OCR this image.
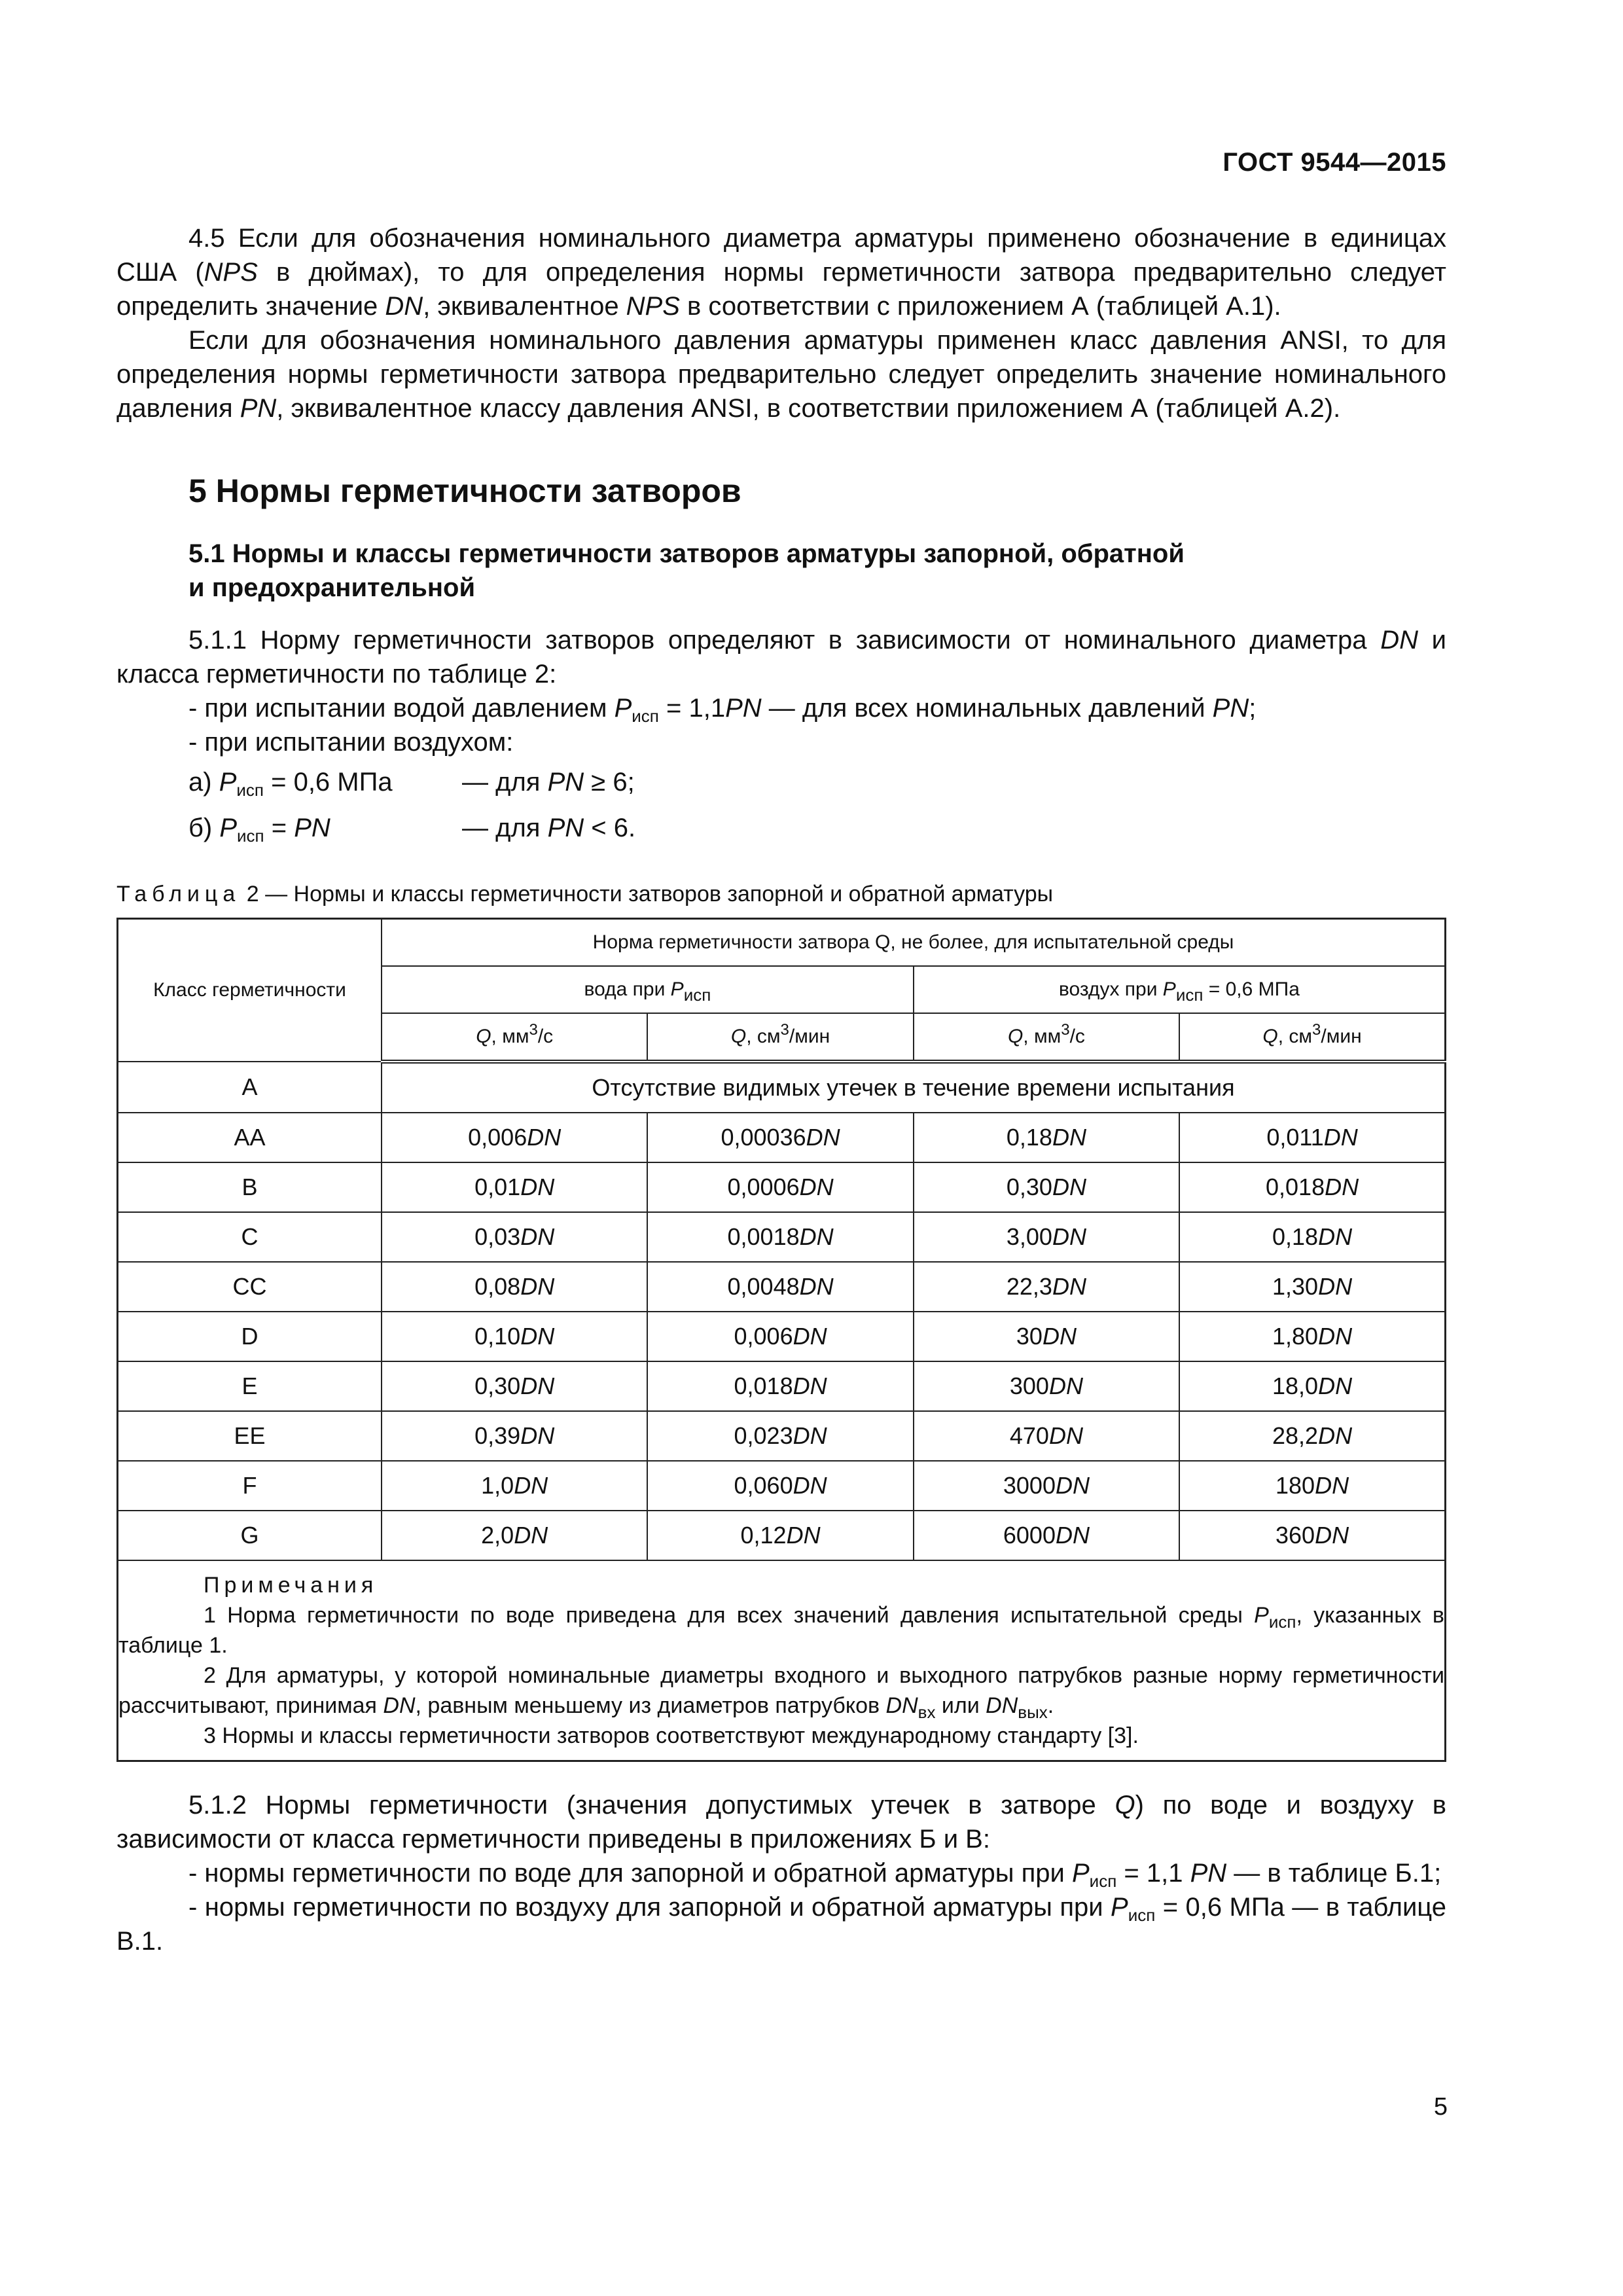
ГОСТ 9544—2015

4.5 Если для обозначения номинального диаметра арматуры применено обозначение в единицах США (NPS в дюймах), то для определения нормы герметичности затвора предварительно следует определить значение DN, эквивалентное NPS в соответствии с приложением А (таблицей А.1).

Если для обозначения номинального давления арматуры применен класс давления ANSI, то для определения нормы герметичности затвора предварительно следует определить значение номинального давления PN, эквивалентное классу давления ANSI, в соответствии приложением А (таблицей А.2).

5 Нормы герметичности затворов
5.1 Нормы и классы герметичности затворов арматуры запорной, обратной
и предохранительной

5.1.1 Норму герметичности затворов определяют в зависимости от номинального диаметра DN и класса герметичности по таблице 2:

- при испытании водой давлением $P_{исп} = 1,1PN$ — для всех номинальных давлений PN;

- при испытании воздухом:

а) $P_{исп} = 0,6$ МПа	— для PN ≥ 6;
б) $P_{исп}$ = PN	— для PN < 6.
Таблица 2 — Нормы и классы герметичности затворов запорной и обратной арматуры
Класс герметичности	Норма герметичности затвора Q, не более, для испытательной среды			
	вода при $P_{исп}$		воздух при $P_{исп} = 0,6$ МПа	
	Q, $мм^3/с$	Q, $см^3$/мин	Q, $мм^3/с$	Q, $см^3$/мин
A	Отсутствие видимых утечек в течение времени испытания			
AA	0,006DN	0,00036DN	0,18DN	0,011DN
B	0,01DN	0,0006DN	0,30DN	0,018DN
C	0,03DN	0,0018DN	3,00DN	0,18DN
CC	0,08DN	0,0048DN	22,3DN	1,30DN
D	0,10DN	0,006DN	30DN	1,80DN
E	0,30DN	0,018DN	300DN	18,0DN
EE	0,39DN	0,023DN	470DN	28,2DN
F	1,0DN	0,060DN	3000DN	180DN
G	2,0DN	0,12DN	6000DN	360DN

Примечания
1 Норма герметичности по воде приведена для всех значений давления испытательной среды $P_{исп}$, указанных в таблице 1.
2 Для арматуры, у которой номинальные диаметры входного и выходного патрубков разные норму герметичности рассчитывают, принимая DN, равным меньшему из диаметров патрубков $DN_{вх}$ или $DN_{вых}$.
3 Нормы и классы герметичности затворов соответствуют международному стандарту [3].				

5.1.2 Нормы герметичности (значения допустимых утечек в затворе Q) по воде и воздуху в зависимости от класса герметичности приведены в приложениях Б и В:

- нормы герметичности по воде для запорной и обратной арматуры при $P_{исп} = 1,1$ PN — в таблице Б.1;

- нормы герметичности по воздуху для запорной и обратной арматуры при $P_{исп} = 0,6$ МПа — в таблице В.1.

5
